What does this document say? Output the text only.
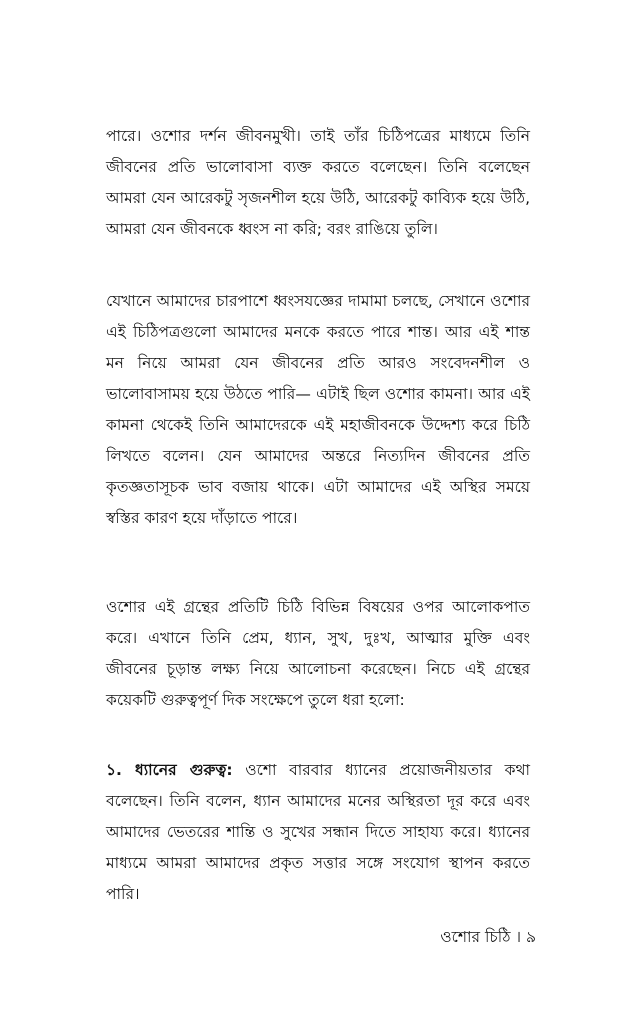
পারে। ওশোর দর্শন জীবনমুখী। তাই তাঁর চিঠিপত্রের মাধ্যমে তিনি জীবনের প্রতি ভালোবাসা ব্যক্ত করতে বলেছেন। তিনি বলেছেন আমরা যেন আরেকটু সৃজনশীল হয়ে উঠি, আরেকটু কাব্যিক হয়ে উঠি, আমরা যেন জীবনকে ধ্বংস না করি; বরং রাঙিয়ে তুলি।

যেখানে আমাদের চারপাশে ধ্বংসযজ্ঞের দামামা চলছে, সেখানে ওশোর এই চিঠিপত্রগুলো আমাদের মনকে করতে পারে শান্ত। আর এই শান্ত মন নিয়ে আমরা যেন জীবনের প্রতি আরও সংবেদনশীল ও ভালোবাসাময় হয়ে উঠতে পারি— এটাই ছিল ওশোর কামনা। আর এই কামনা থেকেই তিনি আমাদেরকে এই মহাজীবনকে উদ্দেশ্য করে চিঠি লিখতে বলেন। যেন আমাদের অন্তরে নিত্যদিন জীবনের প্রতি কৃতজ্ঞতাসূচক ভাব বজায় থাকে। এটা আমাদের এই অস্থির সময়ে স্বস্তির কারণ হয়ে দাঁড়াতে পারে।

ওশোর এই গ্রন্থের প্রতিটি চিঠি বিভিন্ন বিষয়ের ওপর আলোকপাত করে। এখানে তিনি প্রেম, ধ্যান, সুখ, দুঃখ, আত্মার মুক্তি এবং জীবনের চূড়ান্ত লক্ষ্য নিয়ে আলোচনা করেছেন। নিচে এই গ্রন্থের কয়েকটি গুরুত্বপূর্ণ দিক সংক্ষেপে তুলে ধরা হলো:

১. ধ্যানের গুরুত্ব: ওশো বারবার ধ্যানের প্রয়োজনীয়তার কথা বলেছেন। তিনি বলেন, ধ্যান আমাদের মনের অস্থিরতা দূর করে এবং আমাদের ভেতরের শান্তি ও সুখের সন্ধান দিতে সাহায্য করে। ধ্যানের মাধ্যমে আমরা আমাদের প্রকৃত সত্তার সঙ্গে সংযোগ স্থাপন করতে পারি।

ওশোর চিঠি । ৯
